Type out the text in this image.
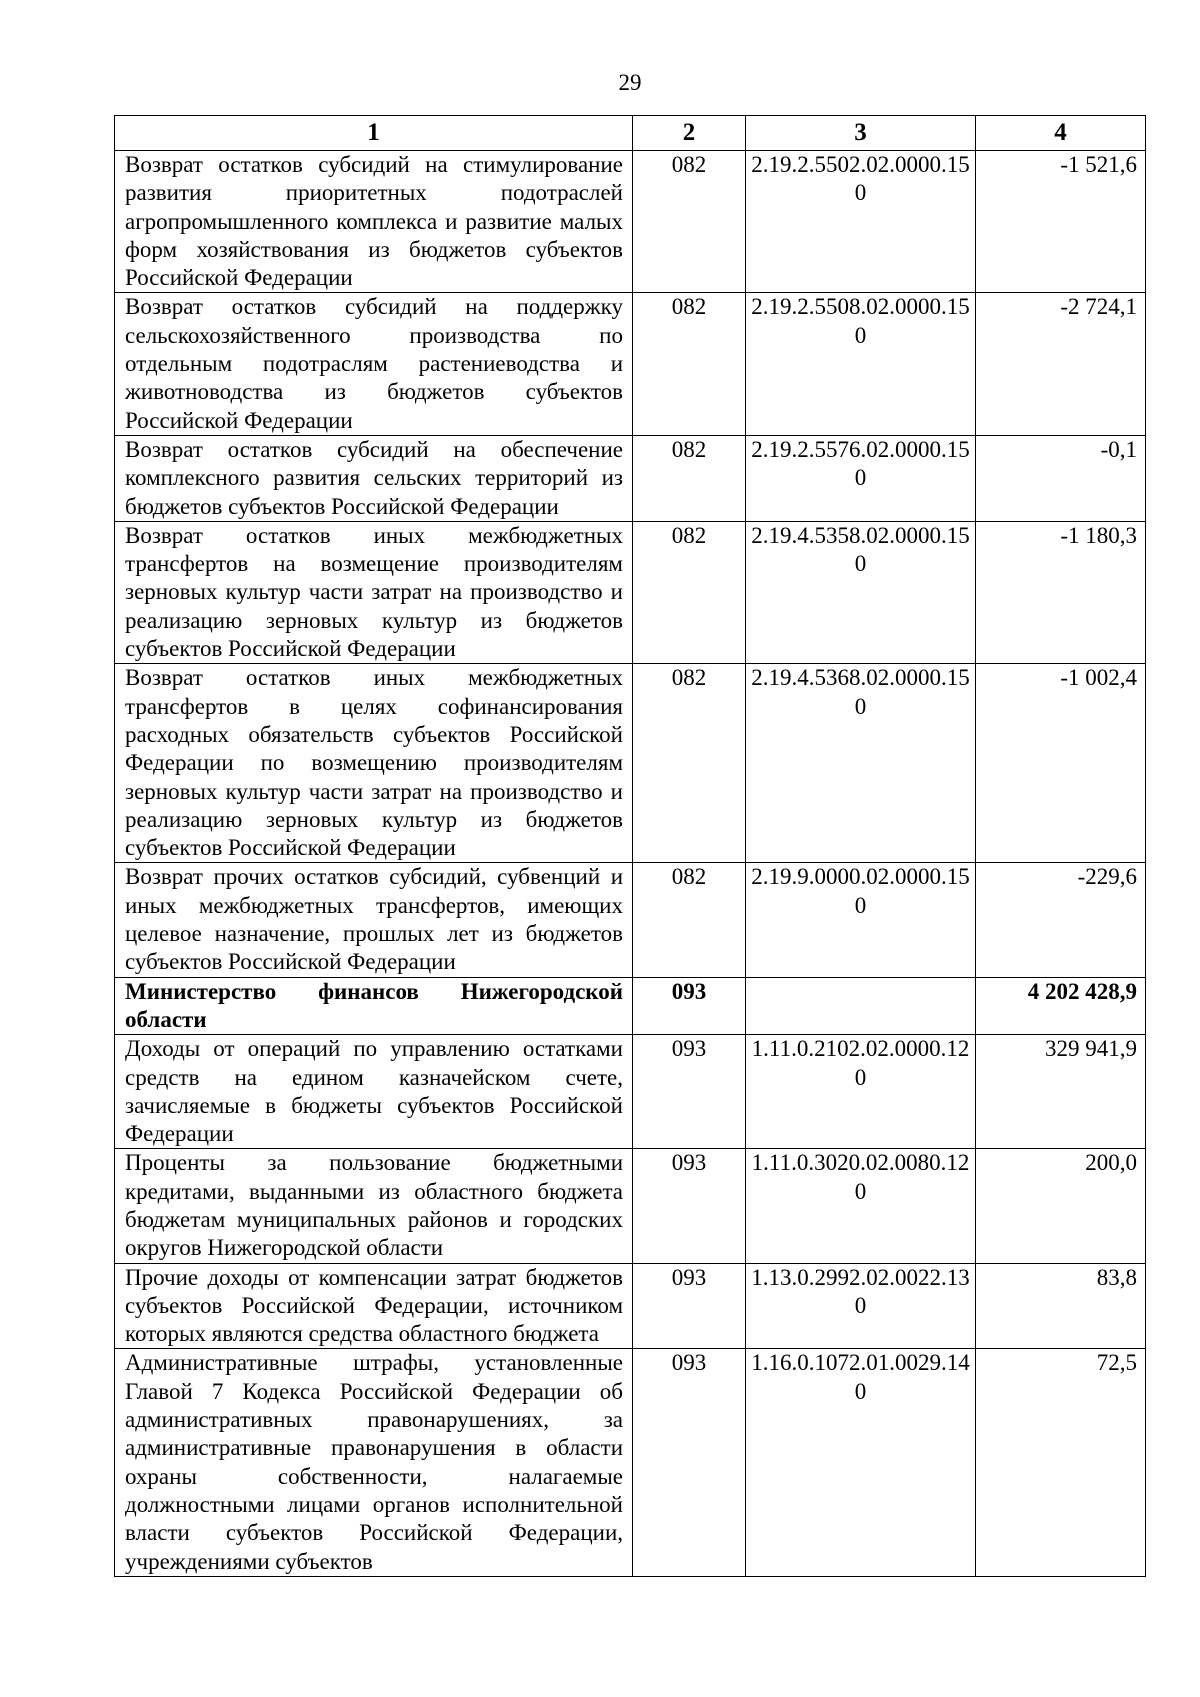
29
1	2	3	4
Возврат остатков субсидий на стимулирование развития приоритетных подотраслей агропромышленного комплекса и развитие малых форм хозяйствования из бюджетов субъектов Российской Федерации	082	2.19.2.5502.02.0000.150	-1 521,6
Возврат остатков субсидий на поддержку сельскохозяйственного производства по отдельным подотраслям растениеводства и животноводства из бюджетов субъектов Российской Федерации	082	2.19.2.5508.02.0000.150	-2 724,1
Возврат остатков субсидий на обеспечение комплексного развития сельских территорий из бюджетов субъектов Российской Федерации	082	2.19.2.5576.02.0000.150	-0,1
Возврат остатков иных межбюджетных трансфертов на возмещение производителям зерновых культур части затрат на производство и реализацию зерновых культур из бюджетов субъектов Российской Федерации	082	2.19.4.5358.02.0000.150	-1 180,3
Возврат остатков иных межбюджетных трансфертов в целях софинансирования расходных обязательств субъектов Российской Федерации по возмещению производителям зерновых культур части затрат на производство и реализацию зерновых культур из бюджетов субъектов Российской Федерации	082	2.19.4.5368.02.0000.150	-1 002,4
Возврат прочих остатков субсидий, субвенций и иных межбюджетных трансфертов, имеющих целевое назначение, прошлых лет из бюджетов субъектов Российской Федерации	082	2.19.9.0000.02.0000.150	-229,6
Министерство финансов Нижегородской области	093		4 202 428,9
Доходы от операций по управлению остатками средств на едином казначейском счете, зачисляемые в бюджеты субъектов Российской Федерации	093	1.11.0.2102.02.0000.120	329 941,9
Проценты за пользование бюджетными кредитами, выданными из областного бюджета бюджетам муниципальных районов и городских округов Нижегородской области	093	1.11.0.3020.02.0080.120	200,0
Прочие доходы от компенсации затрат бюджетов субъектов Российской Федерации, источником которых являются средства областного бюджета	093	1.13.0.2992.02.0022.130	83,8
Административные штрафы, установленные Главой 7 Кодекса Российской Федерации об административных правонарушениях, за административные правонарушения в области охраны собственности, налагаемые должностными лицами органов исполнительной власти субъектов Российской Федерации, учреждениями субъектов	093	1.16.0.1072.01.0029.140	72,5
